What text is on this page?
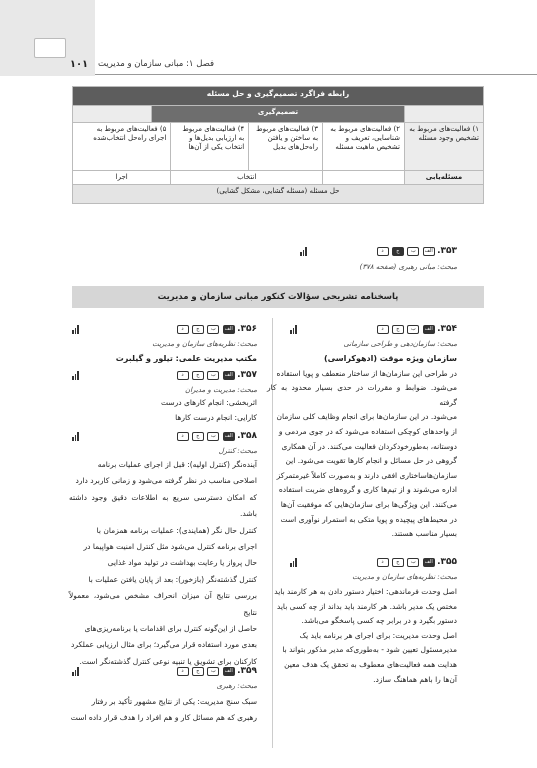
۱۰۱	فصل ۱: مبانی سازمان و مدیریت
رابطه فراگرد تصمیم‌گیری و حل مسئله					
	تصمیم‌گیری				
۱) فعالیت‌های مربوط به تشخیص وجود مسئله	۲) فعالیت‌های مربوط به شناسایی، تعریف و تشخیص ماهیت مسئله	۳) فعالیت‌های مربوط به ساختن و یافتن راه‌حل‌های بدیل	۴) فعالیت‌های مربوط به ارزیابی بدیل‌ها و انتخاب یکی از آن‌ها	۵) فعالیت‌های مربوط به اجرای راه‌حل انتخاب‌شده	
مسئله‌یابی		انتخاب		اجرا	
حل مسئله (مسئله گشایی، مشکل گشایی)					
۳۵۳. الف ب ج د
مبحث: مبانی رهبری (صفحه ۳۷۸)
پاسخنامه تشریحی سؤالات کنکور مبانی سازمان و مدیریت
۳۵۴. الف ب ج د
مبحث: سازمان‌دهی و طراحی سازمانی

سازمان ویژه موقت (ادهوکراسی)

در طراحی این سازمان‌ها از ساختار منعطف و پویا استفاده

می‌شود. ضوابط و مقررات در حدی بسیار محدود به کار گرفته

می‌شود. در این سازمان‌ها برای انجام وظایف کلی سازمان

از واحدهای کوچکی استفاده می‌شود که در جوی مردمی و

دوستانه، به‌طورخودکردان فعالیت می‌کنند. در آن همکاری

گروهی در حل مسائل و انجام کارها تقویت می‌شود. این

سازمان‌ها‌ساختاری افقی دارند و به‌صورت کاملاً غیرمتمرکز

اداره می‌شوند و از تیم‌ها کاری و گروه‌های ضربت استفاده

می‌کنند. این ویژگی‌ها برای سازمان‌هایی که موفقیت آن‌ها

در محیط‌های پیچیده و پویا متکی به استمرار نوآوری است

بسیار مناسب هستند.

۳۵۵. الف ب ج د
مبحث: نظریه‌های سازمان و مدیریت

اصل وحدت فرماندهی: اختیار دستور دادن به هر کارمند باید

مختص یک مدیر باشد. هر کارمند باید بداند از چه کسی باید

دستور بگیرد و در برابر چه کسی پاسخگو می‌باشد.

اصل وحدت مدیریت: برای اجرای هر برنامه باید یک

مدیرمسئول تعیین شود - به‌طوری‌که مدیر مذکور بتواند با

هدایت همه فعالیت‌های معطوف به تحقق یک هدف معین

آن‌ها را باهم هماهنگ سازد.

۳۵۶. الف ب ج د
مبحث: نظریه‌های سازمان و مدیریت

مکتب مدیریت علمی: تیلور و گیلبرت

۳۵۷. الف ب ج د
مبحث: مدیریت و مدیران

اثربخشی: انجام کارهای درست

کارایی: انجام درست کارها

۳۵۸. الف ب ج د
مبحث: کنترل

آینده‌نگر (کنترل اولیه): قبل از اجرای عملیات برنامه

اصلاحی مناسب در نظر گرفته می‌شود و زمانی کاربرد دارد

که امکان دسترسی سریع به اطلاعات دقیق وجود داشته باشد.

کنترل حال نگر (همایندی): عملیات برنامه همزمان با

اجرای برنامه کنترل می‌شود مثل کنترل امنیت هواپیما در

حال پرواز یا رعایت بهداشت در تولید مواد غذایی

کنترل گذشته‌نگر (بازخور): بعد از پایان یافتن عملیات با

بررسی نتایج آن میزان انحراف مشخص می‌شود، معمولاً نتایج

حاصل از این‌گونه کنترل برای اقدامات یا برنامه‌ریزی‌های

بعدی مورد استفاده قرار می‌گیرد؛ برای مثال ارزیابی عملکرد

کارکنان برای تشویق یا تنبیه نوعی کنترل گذشته‌نگر است.

۳۵۹. الف ب ج د
مبحث: رهبری

سبک سنج مدیریت: یکی از نتایج مشهور تأکید بر رفتار

رهبری که هم مسائل کار و هم افراد را هدف قرار داده است
